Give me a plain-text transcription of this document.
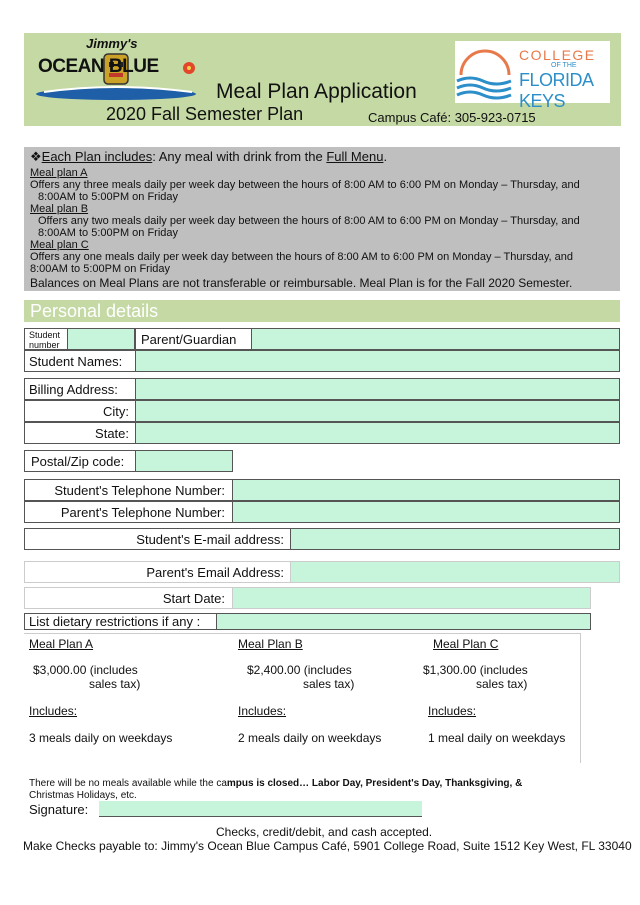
Jimmy's
OCEAN BLUE
COLLEGE
OF THE
FLORIDA KEYS
Meal Plan Application
2020 Fall Semester Plan	Campus Café: 305-923-0715
❖Each Plan includes: Any meal with drink from the Full Menu.
Meal plan A
Offers any three meals daily per week day between the hours of 8:00 AM to 6:00 PM on Monday – Thursday, and
8:00AM to 5:00PM on Friday
Meal plan B
Offers any two meals daily per week day between the hours of 8:00 AM to 6:00 PM on Monday – Thursday, and
8:00AM to 5:00PM on Friday
Meal plan C
Offers any one meals daily per week day between the hours of 8:00 AM to 6:00 PM on Monday – Thursday, and
8:00AM to 5:00PM on Friday
Balances on Meal Plans are not transferable or reimbursable. Meal Plan is for the Fall 2020 Semester.
Personal details
Student
number	Parent/Guardian
Student Names:
Billing Address:
City:
State:
Postal/Zip code:
Student's Telephone Number:
Parent's Telephone Number:
Student's E-mail address:
Parent's Email Address:
Start Date:
List dietary restrictions if any :
Meal Plan A	Meal Plan B	Meal Plan C
$3,000.00 (includes
sales tax)
$2,400.00 (includes
sales tax)
$1,300.00 (includes
sales tax)
Includes:	Includes:	Includes:
3 meals daily on weekdays	2 meals daily on weekdays	1 meal daily on weekdays
There will be no meals available while the campus is closed… Labor Day, President's Day, Thanksgiving, &
Christmas Holidays, etc.
Signature:
Checks, credit/debit, and cash accepted.
Make Checks payable to: Jimmy's Ocean Blue Campus Café, 5901 College Road, Suite 1512 Key West, FL 33040
